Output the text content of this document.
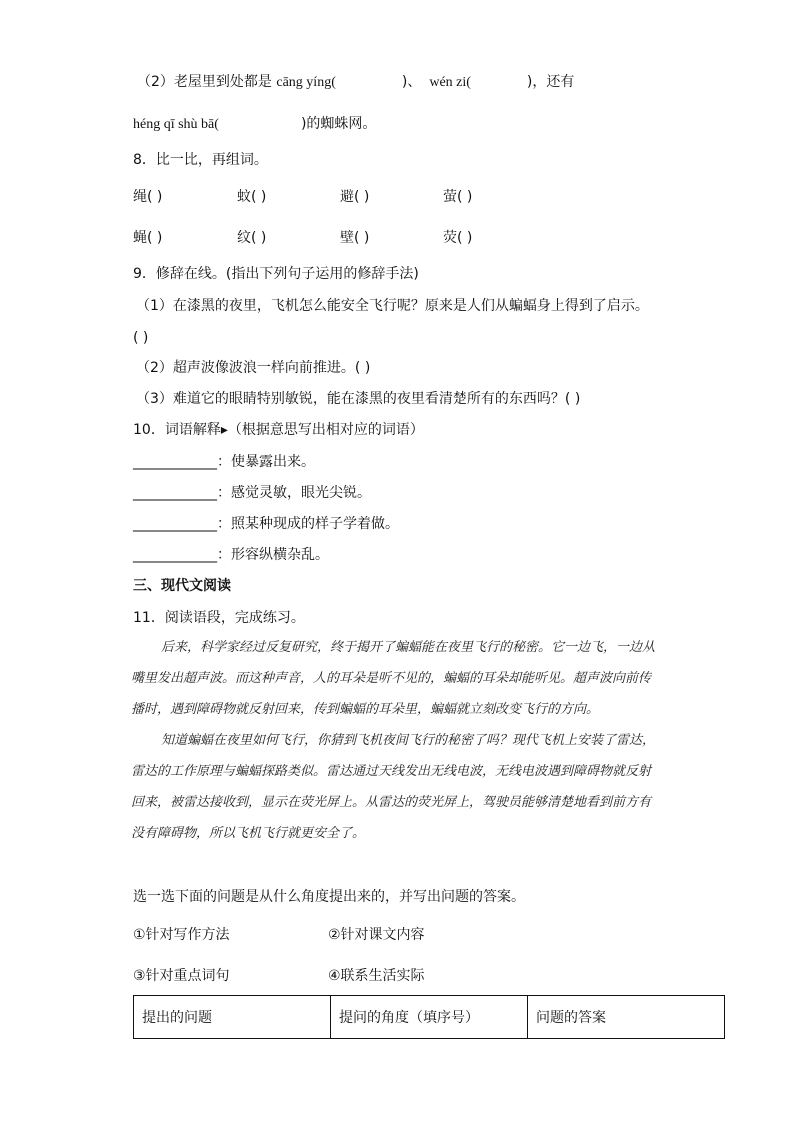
（2）老屋里到处都是 cāng yíng(	)、 wén zi(	)，还有
héng qī shù bā(	)的蜘蛛网。
8．比一比，再组词。
绳( )	蚊( )	避( )	萤( )
蝇( )	纹( )	壁( )	荧( )
9．修辞在线。(指出下列句子运用的修辞手法)
（1）在漆黑的夜里，飞机怎么能安全飞行呢？原来是人们从蝙蝠身上得到了启示。
( )
（2）超声波像波浪一样向前推进。( )
（3）难道它的眼睛特别敏锐，能在漆黑的夜里看清楚所有的东西吗？( )
10．词语解释▸（根据意思写出相对应的词语）
____________：使暴露出来。
____________：感觉灵敏，眼光尖锐。
____________：照某种现成的样子学着做。
____________：形容纵横杂乱。
三、现代文阅读
11．阅读语段，完成练习。

后来，科学家经过反复研究，终于揭开了蝙蝠能在夜里飞行的秘密。它一边飞，一边从嘴里发出超声波。而这种声音，人的耳朵是听不见的，蝙蝠的耳朵却能听见。超声波向前传播时，遇到障碍物就反射回来，传到蝙蝠的耳朵里，蝙蝠就立刻改变飞行的方向。

知道蝙蝠在夜里如何飞行，你猜到飞机夜间飞行的秘密了吗？现代飞机上安装了雷达，雷达的工作原理与蝙蝠探路类似。雷达通过天线发出无线电波，无线电波遇到障碍物就反射回来，被雷达接收到，显示在荧光屏上。从雷达的荧光屏上，驾驶员能够清楚地看到前方有没有障碍物，所以飞机飞行就更安全了。

选一选下面的问题是从什么角度提出来的，并写出问题的答案。
①针对写作方法	②针对课文内容
③针对重点词句	④联系生活实际
提出的问题	提问的角度（填序号）	问题的答案
